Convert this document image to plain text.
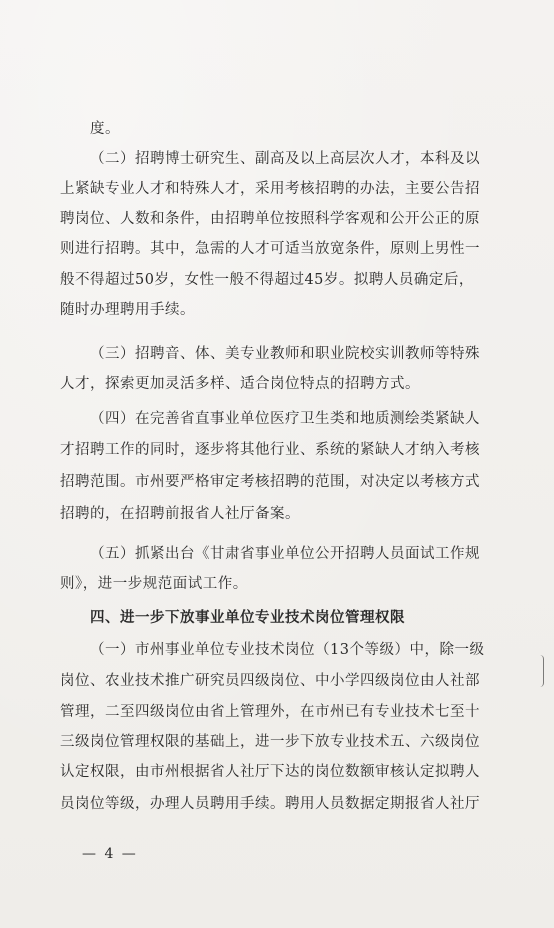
度。
（二）招聘博士研究生、副高及以上高层次人才，本科及以
上紧缺专业人才和特殊人才，采用考核招聘的办法，主要公告招
聘岗位、人数和条件，由招聘单位按照科学客观和公开公正的原
则进行招聘。其中，急需的人才可适当放宽条件，原则上男性一
般不得超过50岁，女性一般不得超过45岁。拟聘人员确定后，
随时办理聘用手续。
（三）招聘音、体、美专业教师和职业院校实训教师等特殊
人才，探索更加灵活多样、适合岗位特点的招聘方式。
（四）在完善省直事业单位医疗卫生类和地质测绘类紧缺人
才招聘工作的同时，逐步将其他行业、系统的紧缺人才纳入考核
招聘范围。市州要严格审定考核招聘的范围，对决定以考核方式
招聘的，在招聘前报省人社厅备案。
（五）抓紧出台《甘肃省事业单位公开招聘人员面试工作规
则》，进一步规范面试工作。
四、进一步下放事业单位专业技术岗位管理权限
（一）市州事业单位专业技术岗位（13个等级）中，除一级
岗位、农业技术推广研究员四级岗位、中小学四级岗位由人社部
管理，二至四级岗位由省上管理外，在市州已有专业技术七至十
三级岗位管理权限的基础上，进一步下放专业技术五、六级岗位
认定权限，由市州根据省人社厅下达的岗位数额审核认定拟聘人
员岗位等级，办理人员聘用手续。聘用人员数据定期报省人社厅
— 4 —
